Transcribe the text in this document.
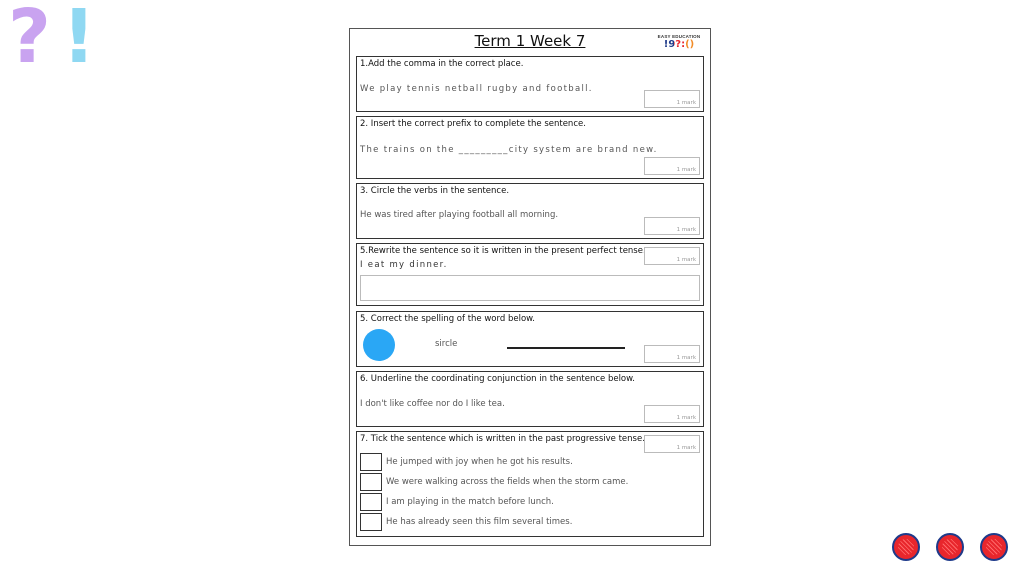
? !	Term 1 Week 7	EASY EDUCATION
!9?:()
1.Add the comma in the correct place.
We play tennis netball rugby and football.
1 mark
2. Insert the correct prefix to complete the sentence.
The trains on the _________city system are brand new.
1 mark
3. Circle the verbs in the sentence.
He was tired after playing football all morning.
1 mark
5.Rewrite the sentence so it is written in the present perfect tense.
1 mark
I eat my dinner.
5. Correct the spelling of the word below.
sircle
1 mark
6. Underline the coordinating conjunction in the sentence below.
I don't like coffee nor do I like tea.
1 mark
7. Tick the sentence which is written in the past progressive tense.
1 mark
He jumped with joy when he got his results.
We were walking across the fields when the storm came.
I am playing in the match before lunch.
He has already seen this film several times.
